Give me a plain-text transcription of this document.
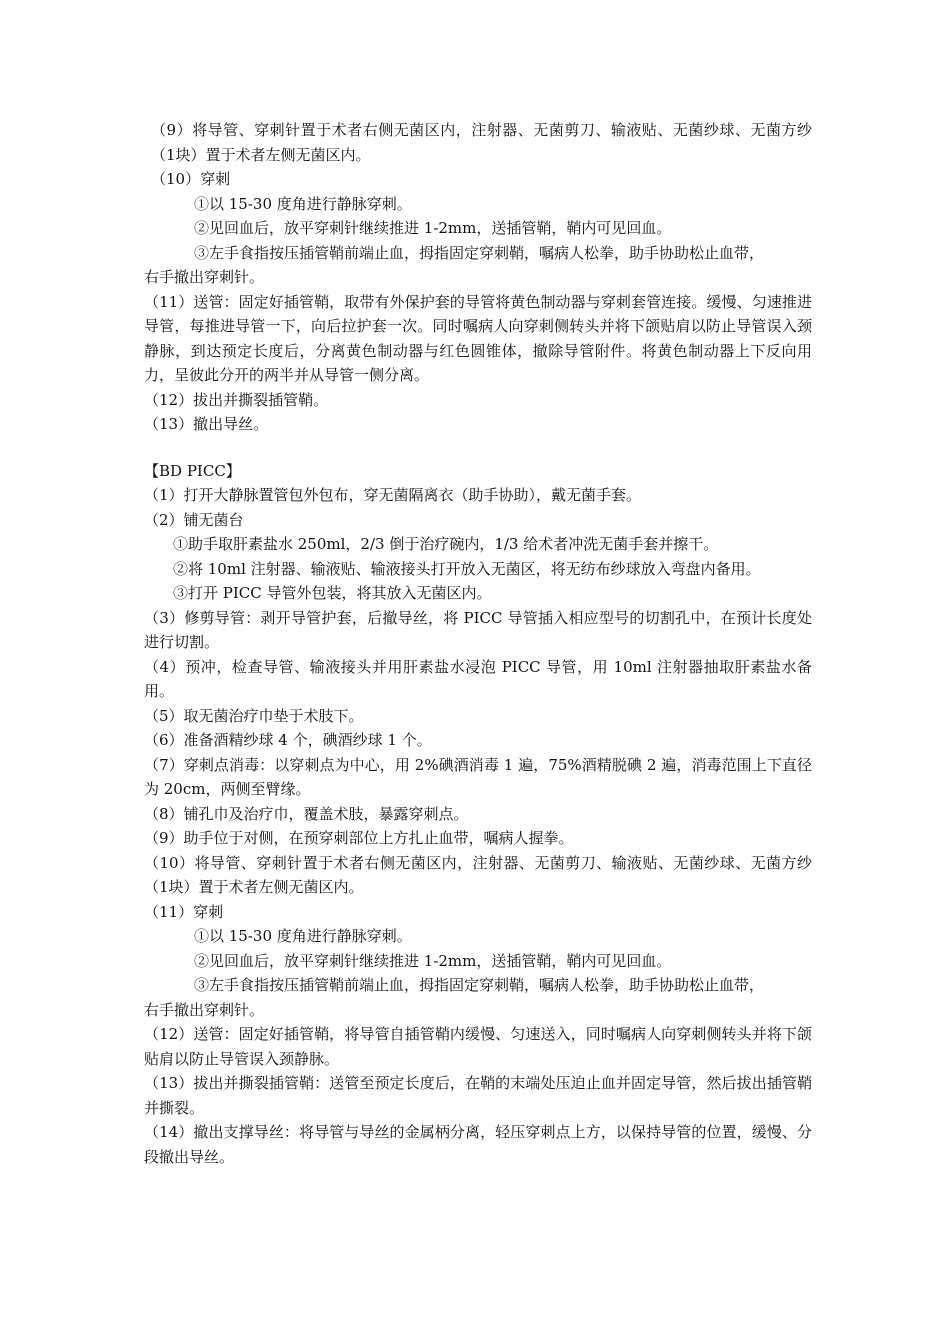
（9）将导管、穿刺针置于术者右侧无菌区内，注射器、无菌剪刀、输液贴、无菌纱球、无菌方纱（1块）置于术者左侧无菌区内。

（10）穿刺

①以 15-30 度角进行静脉穿刺。

②见回血后，放平穿刺针继续推进 1-2mm，送插管鞘，鞘内可见回血。

③左手食指按压插管鞘前端止血，拇指固定穿刺鞘，嘱病人松拳，助手协助松止血带，

右手撤出穿刺针。

（11）送管：固定好插管鞘，取带有外保护套的导管将黄色制动器与穿刺套管连接。缓慢、匀速推进导管，每推进导管一下，向后拉护套一次。同时嘱病人向穿刺侧转头并将下颌贴肩以防止导管误入颈静脉，到达预定长度后，分离黄色制动器与红色圆锥体，撤除导管附件。将黄色制动器上下反向用力，呈彼此分开的两半并从导管一侧分离。

（12）拔出并撕裂插管鞘。

（13）撤出导丝。

【BD PICC】

（1）打开大静脉置管包外包布，穿无菌隔离衣（助手协助），戴无菌手套。

（2）铺无菌台

①助手取肝素盐水 250ml，2/3 倒于治疗碗内，1/3 给术者冲洗无菌手套并擦干。

②将 10ml 注射器、输液贴、输液接头打开放入无菌区，将无纺布纱球放入弯盘内备用。

③打开 PICC 导管外包装，将其放入无菌区内。

（3）修剪导管：剥开导管护套，后撤导丝，将 PICC 导管插入相应型号的切割孔中，在预计长度处进行切割。

（4）预冲，检查导管、输液接头并用肝素盐水浸泡 PICC 导管，用 10ml 注射器抽取肝素盐水备用。

（5）取无菌治疗巾垫于术肢下。

（6）准备酒精纱球 4 个，碘酒纱球 1 个。

（7）穿刺点消毒：以穿刺点为中心，用 2%碘酒消毒 1 遍，75%酒精脱碘 2 遍，消毒范围上下直径为 20cm，两侧至臂缘。

（8）铺孔巾及治疗巾，覆盖术肢，暴露穿刺点。

（9）助手位于对侧，在预穿刺部位上方扎止血带，嘱病人握拳。

（10）将导管、穿刺针置于术者右侧无菌区内，注射器、无菌剪刀、输液贴、无菌纱球、无菌方纱（1块）置于术者左侧无菌区内。

（11）穿刺

①以 15-30 度角进行静脉穿刺。

②见回血后，放平穿刺针继续推进 1-2mm，送插管鞘，鞘内可见回血。

③左手食指按压插管鞘前端止血，拇指固定穿刺鞘，嘱病人松拳，助手协助松止血带，

右手撤出穿刺针。

（12）送管：固定好插管鞘，将导管自插管鞘内缓慢、匀速送入，同时嘱病人向穿刺侧转头并将下颌贴肩以防止导管误入颈静脉。

（13）拔出并撕裂插管鞘：送管至预定长度后，在鞘的末端处压迫止血并固定导管，然后拔出插管鞘并撕裂。

（14）撤出支撑导丝：将导管与导丝的金属柄分离，轻压穿刺点上方，以保持导管的位置，缓慢、分段撤出导丝。
